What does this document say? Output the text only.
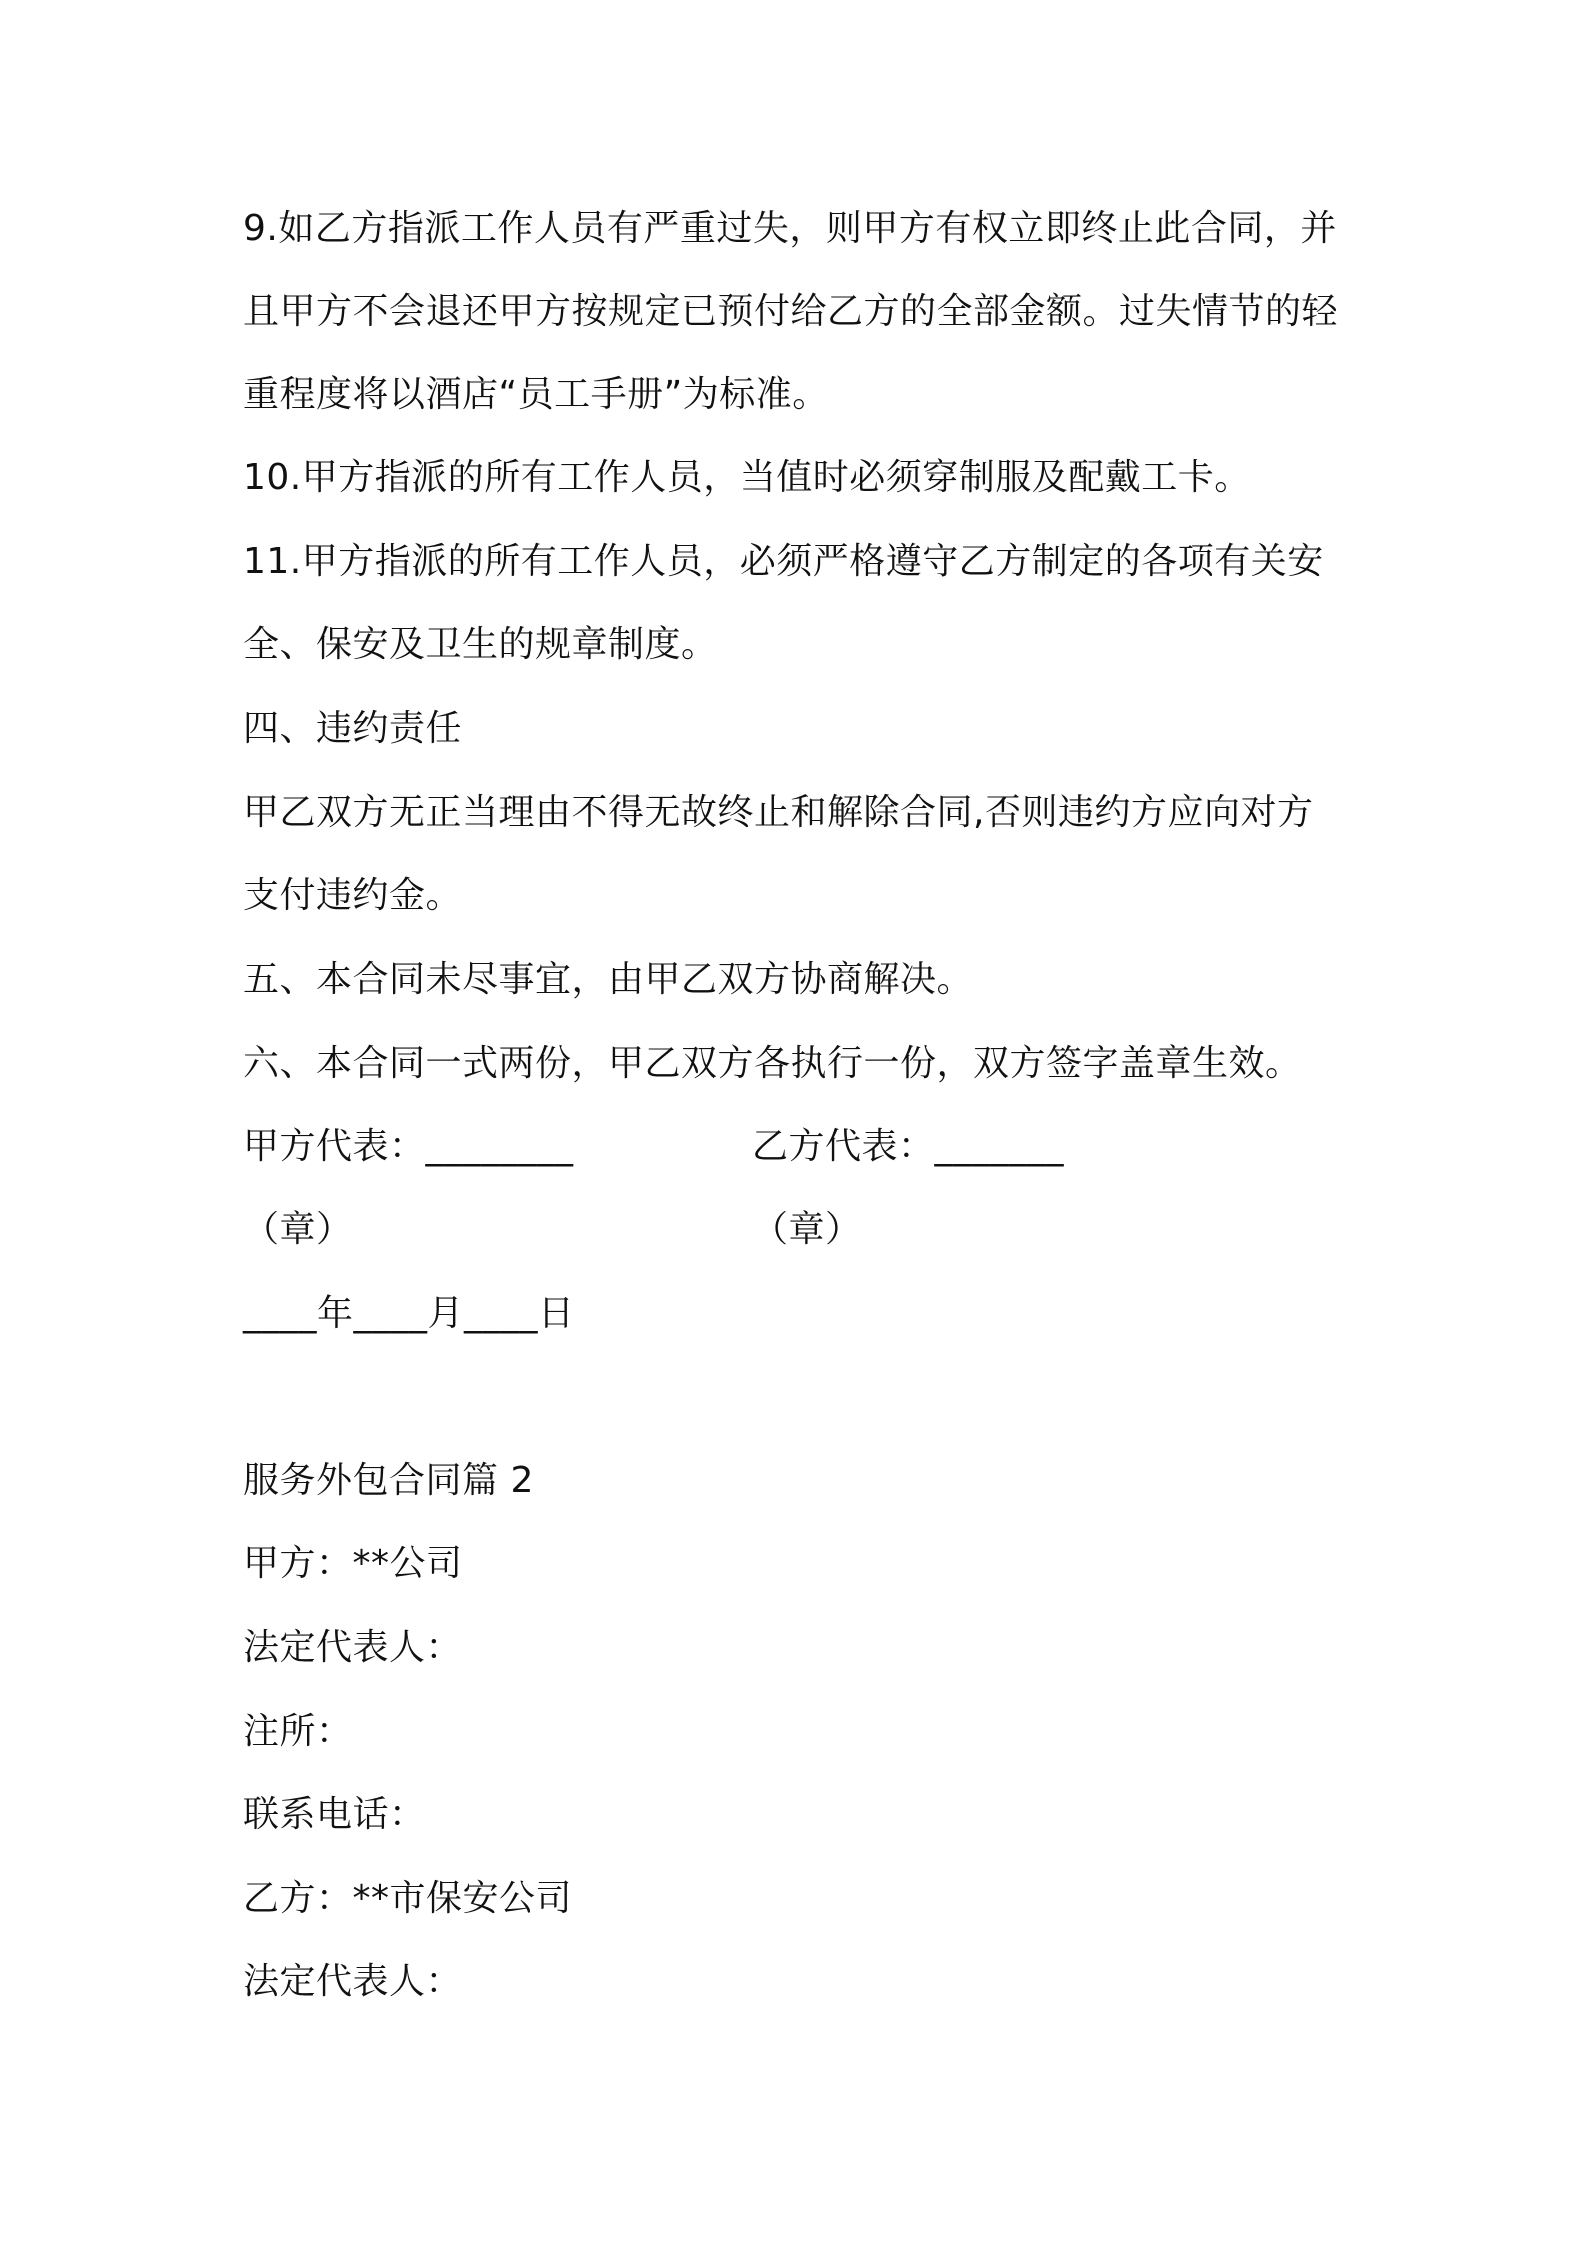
9.如乙方指派工作人员有严重过失，则甲方有权立即终止此合同，并
且甲方不会退还甲方按规定已预付给乙方的全部金额。过失情节的轻
重程度将以酒店“员工手册”为标准。
10.甲方指派的所有工作人员，当值时必须穿制服及配戴工卡。
11.甲方指派的所有工作人员，必须严格遵守乙方制定的各项有关安
全、保安及卫生的规章制度。
四、违约责任
甲乙双方无正当理由不得无故终止和解除合同,否则违约方应向对方
支付违约金。
五、本合同未尽事宜，由甲乙双方协商解决。
六、本合同一式两份，甲乙双方各执行一份，双方签字盖章生效。
甲方代表：________	乙方代表：_______
（章）	（章）
____年____月____日
服务外包合同篇 2
甲方：**公司
法定代表人：
注所：
联系电话：
乙方：**市保安公司
法定代表人：
